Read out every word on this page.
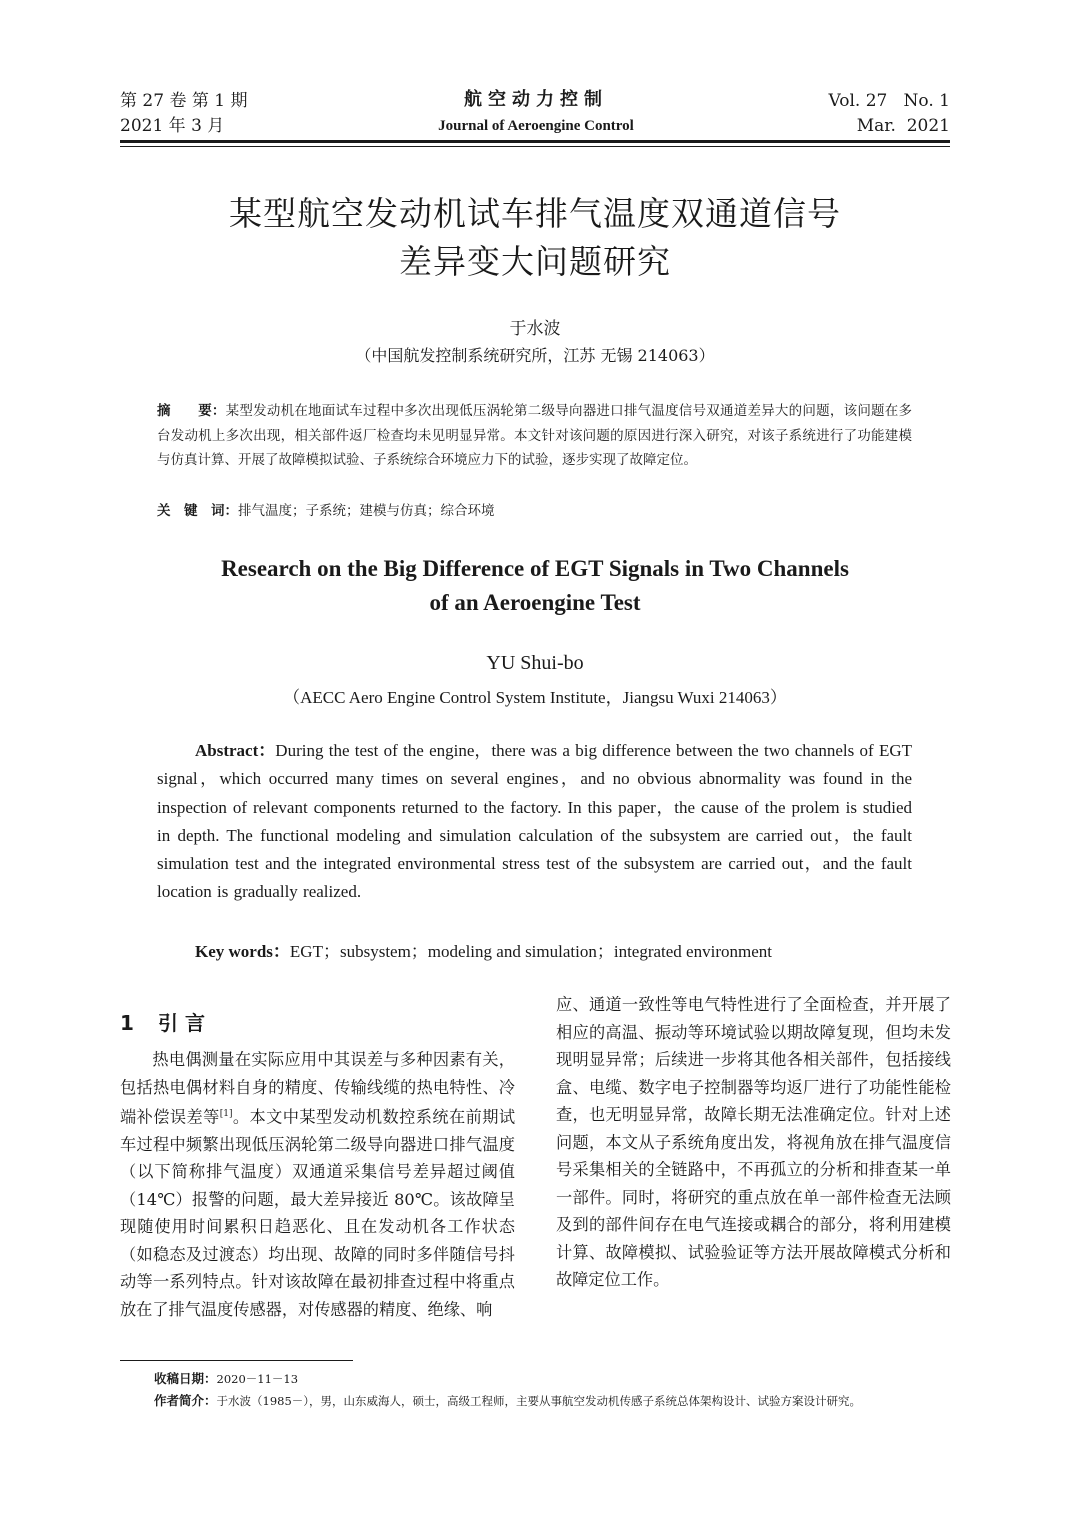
第 27 卷 第 1 期
2021 年 3 月
航空动力控制
Journal of Aeroengine Control
Vol. 27   No. 1
Mar.  2021
某型航空发动机试车排气温度双通道信号
差异变大问题研究
于水波
（中国航发控制系统研究所，江苏 无锡 214063）
摘　　要：某型发动机在地面试车过程中多次出现低压涡轮第二级导向器进口排气温度信号双通道差异大的问题，该问题在多台发动机上多次出现，相关部件返厂检查均未见明显异常。本文针对该问题的原因进行深入研究，对该子系统进行了功能建模与仿真计算、开展了故障模拟试验、子系统综合环境应力下的试验，逐步实现了故障定位。
关　键　词：排气温度；子系统；建模与仿真；综合环境
Research on the Big Difference of EGT Signals in Two Channels
of an Aeroengine Test
YU Shui-bo
（AECC Aero Engine Control System Institute，Jiangsu Wuxi 214063）
Abstract：During the test of the engine，there was a big difference between the two channels of EGT signal，which occurred many times on several engines，and no obvious abnormality was found in the inspection of relevant components returned to the factory. In this paper，the cause of the prolem is studied in depth. The functional modeling and simulation calculation of the subsystem are carried out，the fault simulation test and the integrated environmental stress test of the subsystem are carried out，and the fault location is gradually realized.
Key words：EGT；subsystem；modeling and simulation；integrated environment
1 引 言

热电偶测量在实际应用中其误差与多种因素有关，包括热电偶材料自身的精度、传输线缆的热电特性、冷端补偿误差等[1]。本文中某型发动机数控系统在前期试车过程中频繁出现低压涡轮第二级导向器进口排气温度（以下简称排气温度）双通道采集信号差异超过阈值（14℃）报警的问题，最大差异接近 80℃。该故障呈现随使用时间累积日趋恶化、且在发动机各工作状态（如稳态及过渡态）均出现、故障的同时多伴随信号抖动等一系列特点。针对该故障在最初排查过程中将重点放在了排气温度传感器，对传感器的精度、绝缘、响

应、通道一致性等电气特性进行了全面检查，并开展了相应的高温、振动等环境试验以期故障复现，但均未发现明显异常；后续进一步将其他各相关部件，包括接线盒、电缆、数字电子控制器等均返厂进行了功能性能检查，也无明显异常，故障长期无法准确定位。针对上述问题，本文从子系统角度出发，将视角放在排气温度信号采集相关的全链路中，不再孤立的分析和排查某一单一部件。同时，将研究的重点放在单一部件检查无法顾及到的部件间存在电气连接或耦合的部分，将利用建模计算、故障模拟、试验验证等方法开展故障模式分析和故障定位工作。

收稿日期：2020－11－13
作者简介：于水波（1985－），男，山东威海人，硕士，高级工程师，主要从事航空发动机传感子系统总体架构设计、试验方案设计研究。
